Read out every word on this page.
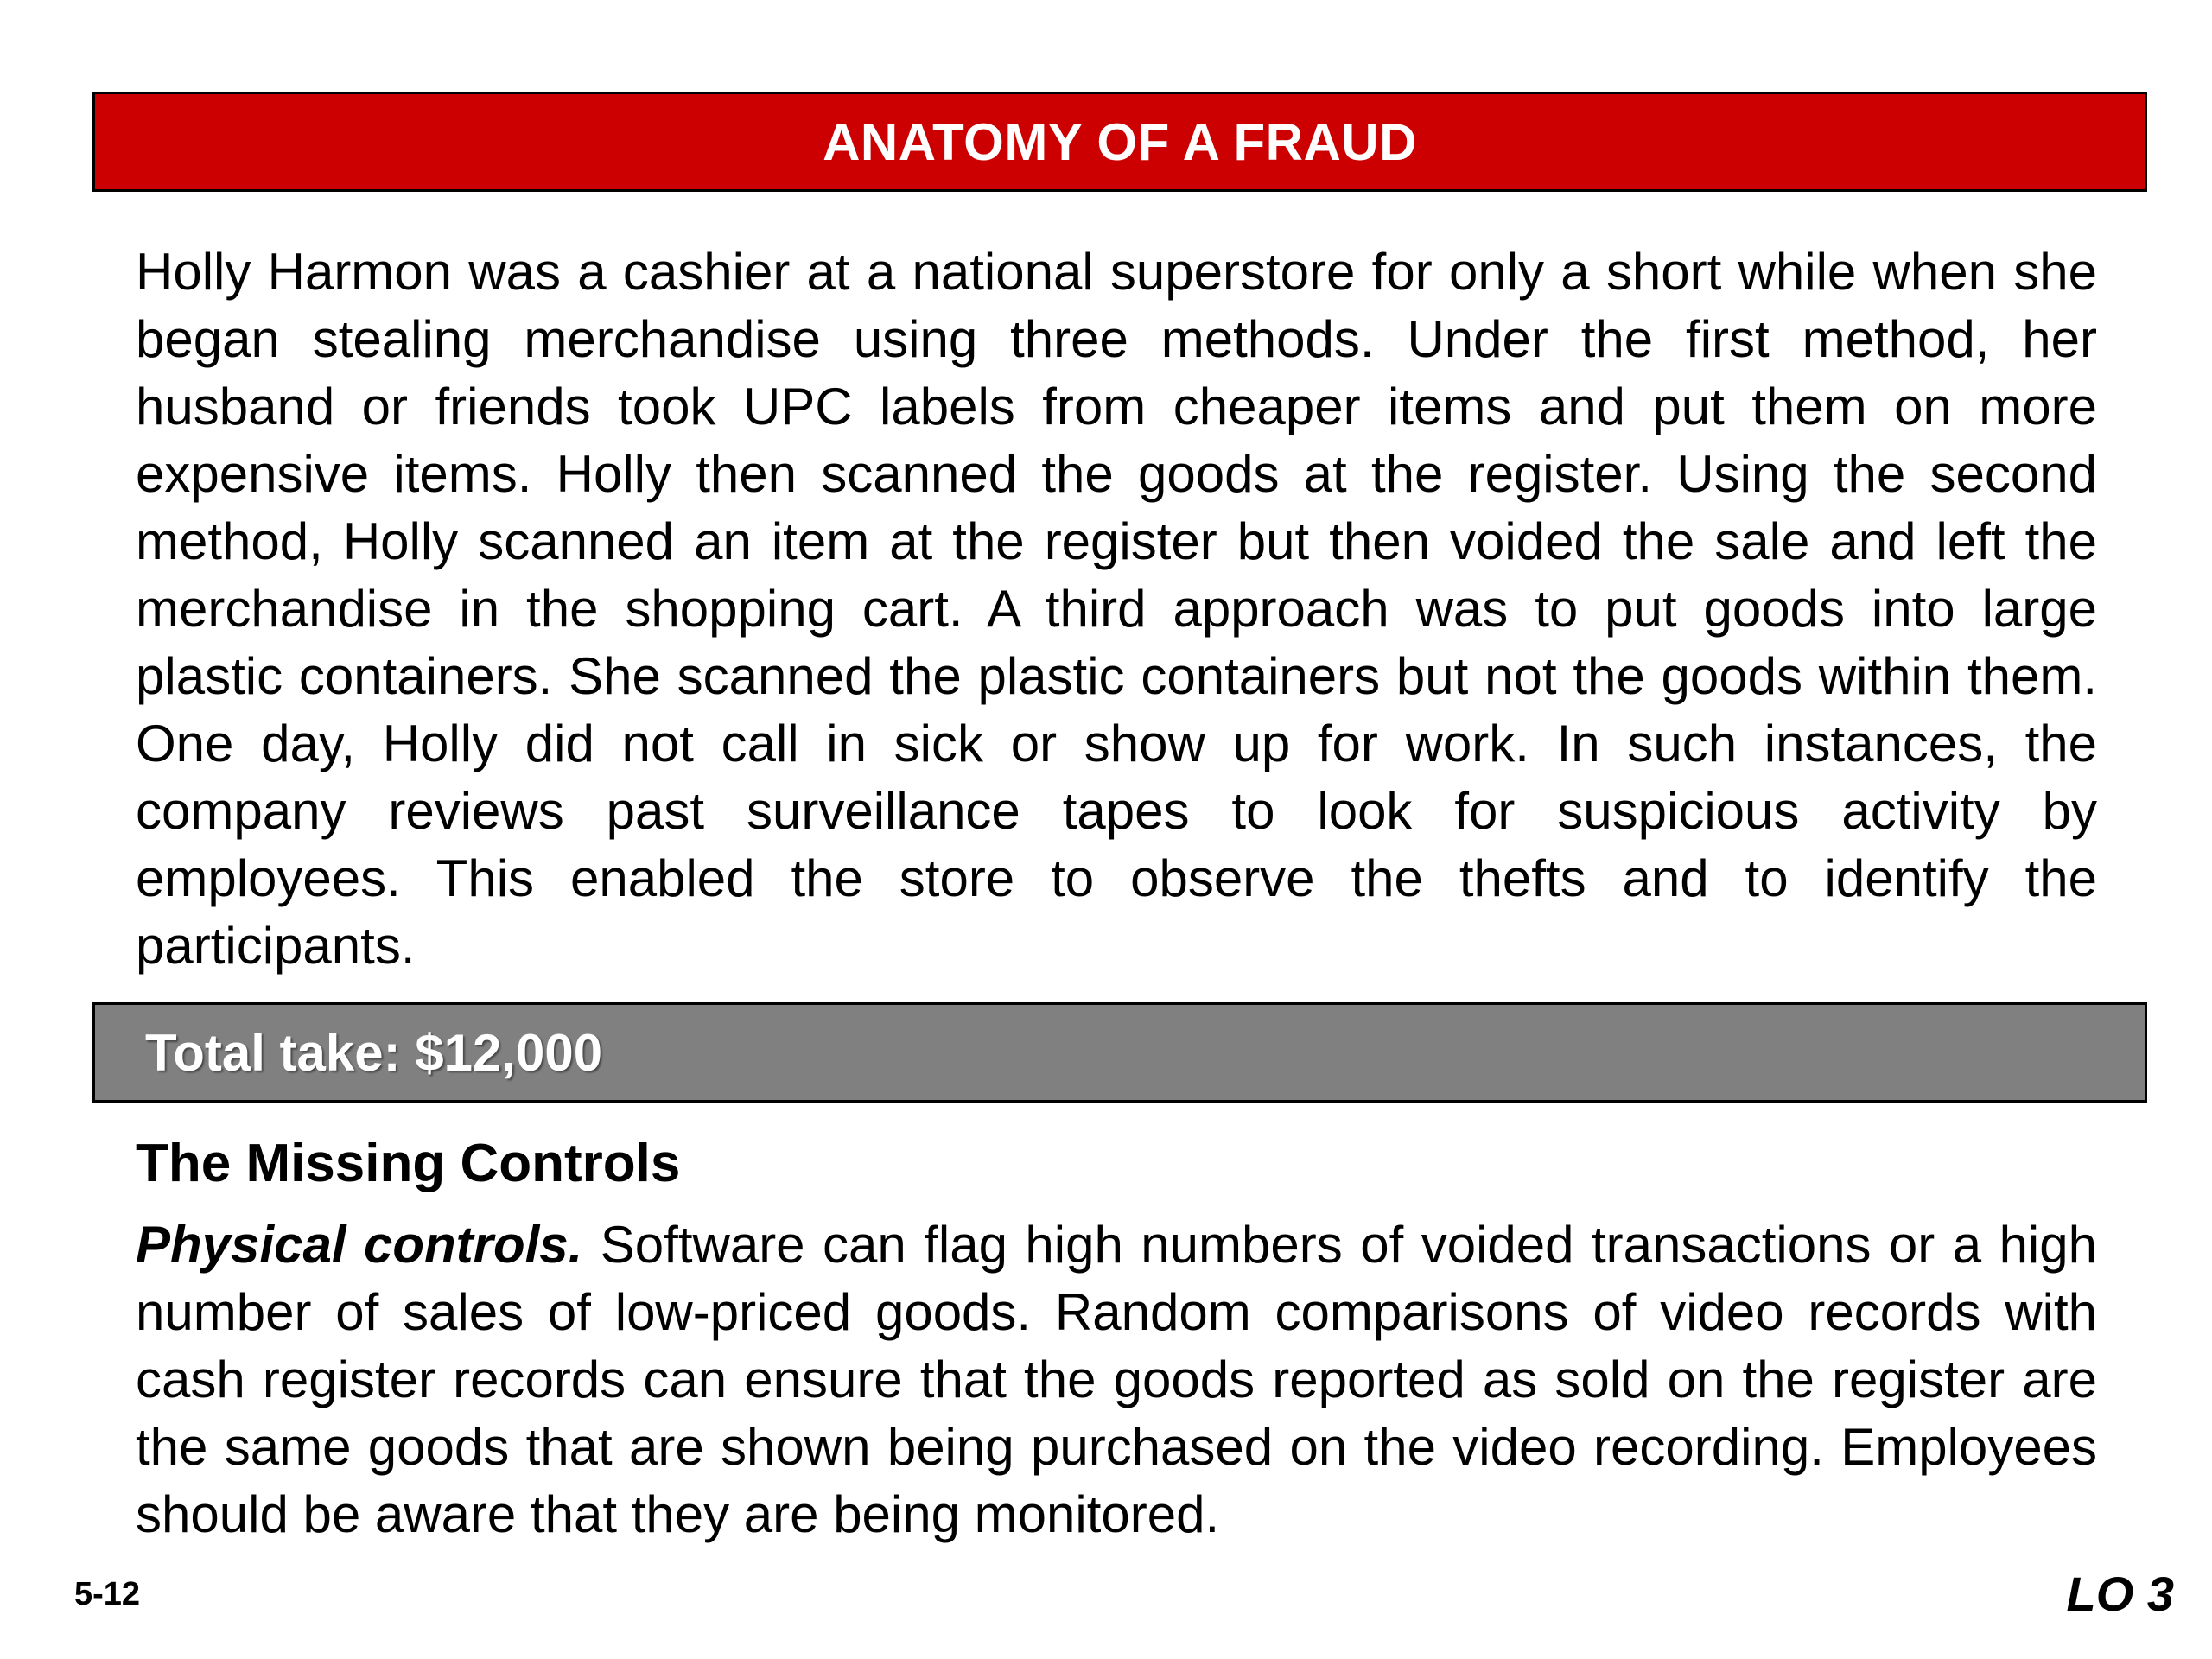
ANATOMY OF A FRAUD

Holly Harmon was a cashier at a national superstore for only a short while when she began stealing merchandise using three methods. Under the first method, her husband or friends took UPC labels from cheaper items and put them on more expensive items. Holly then scanned the goods at the register. Using the second method, Holly scanned an item at the register but then voided the sale and left the merchandise in the shopping cart. A third approach was to put goods into large plastic containers. She scanned the plastic containers but not the goods within them. One day, Holly did not call in sick or show up for work. In such instances, the company reviews past surveillance tapes to look for suspicious activity by employees. This enabled the store to observe the thefts and to identify the participants.

Total take: $12,000
The Missing Controls

Physical controls. Software can flag high numbers of voided transactions or a high number of sales of low-priced goods. Random comparisons of video records with cash register records can ensure that the goods reported as sold on the register are the same goods that are shown being purchased on the video recording. Employees should be aware that they are being monitored.

5-12	LO 3
